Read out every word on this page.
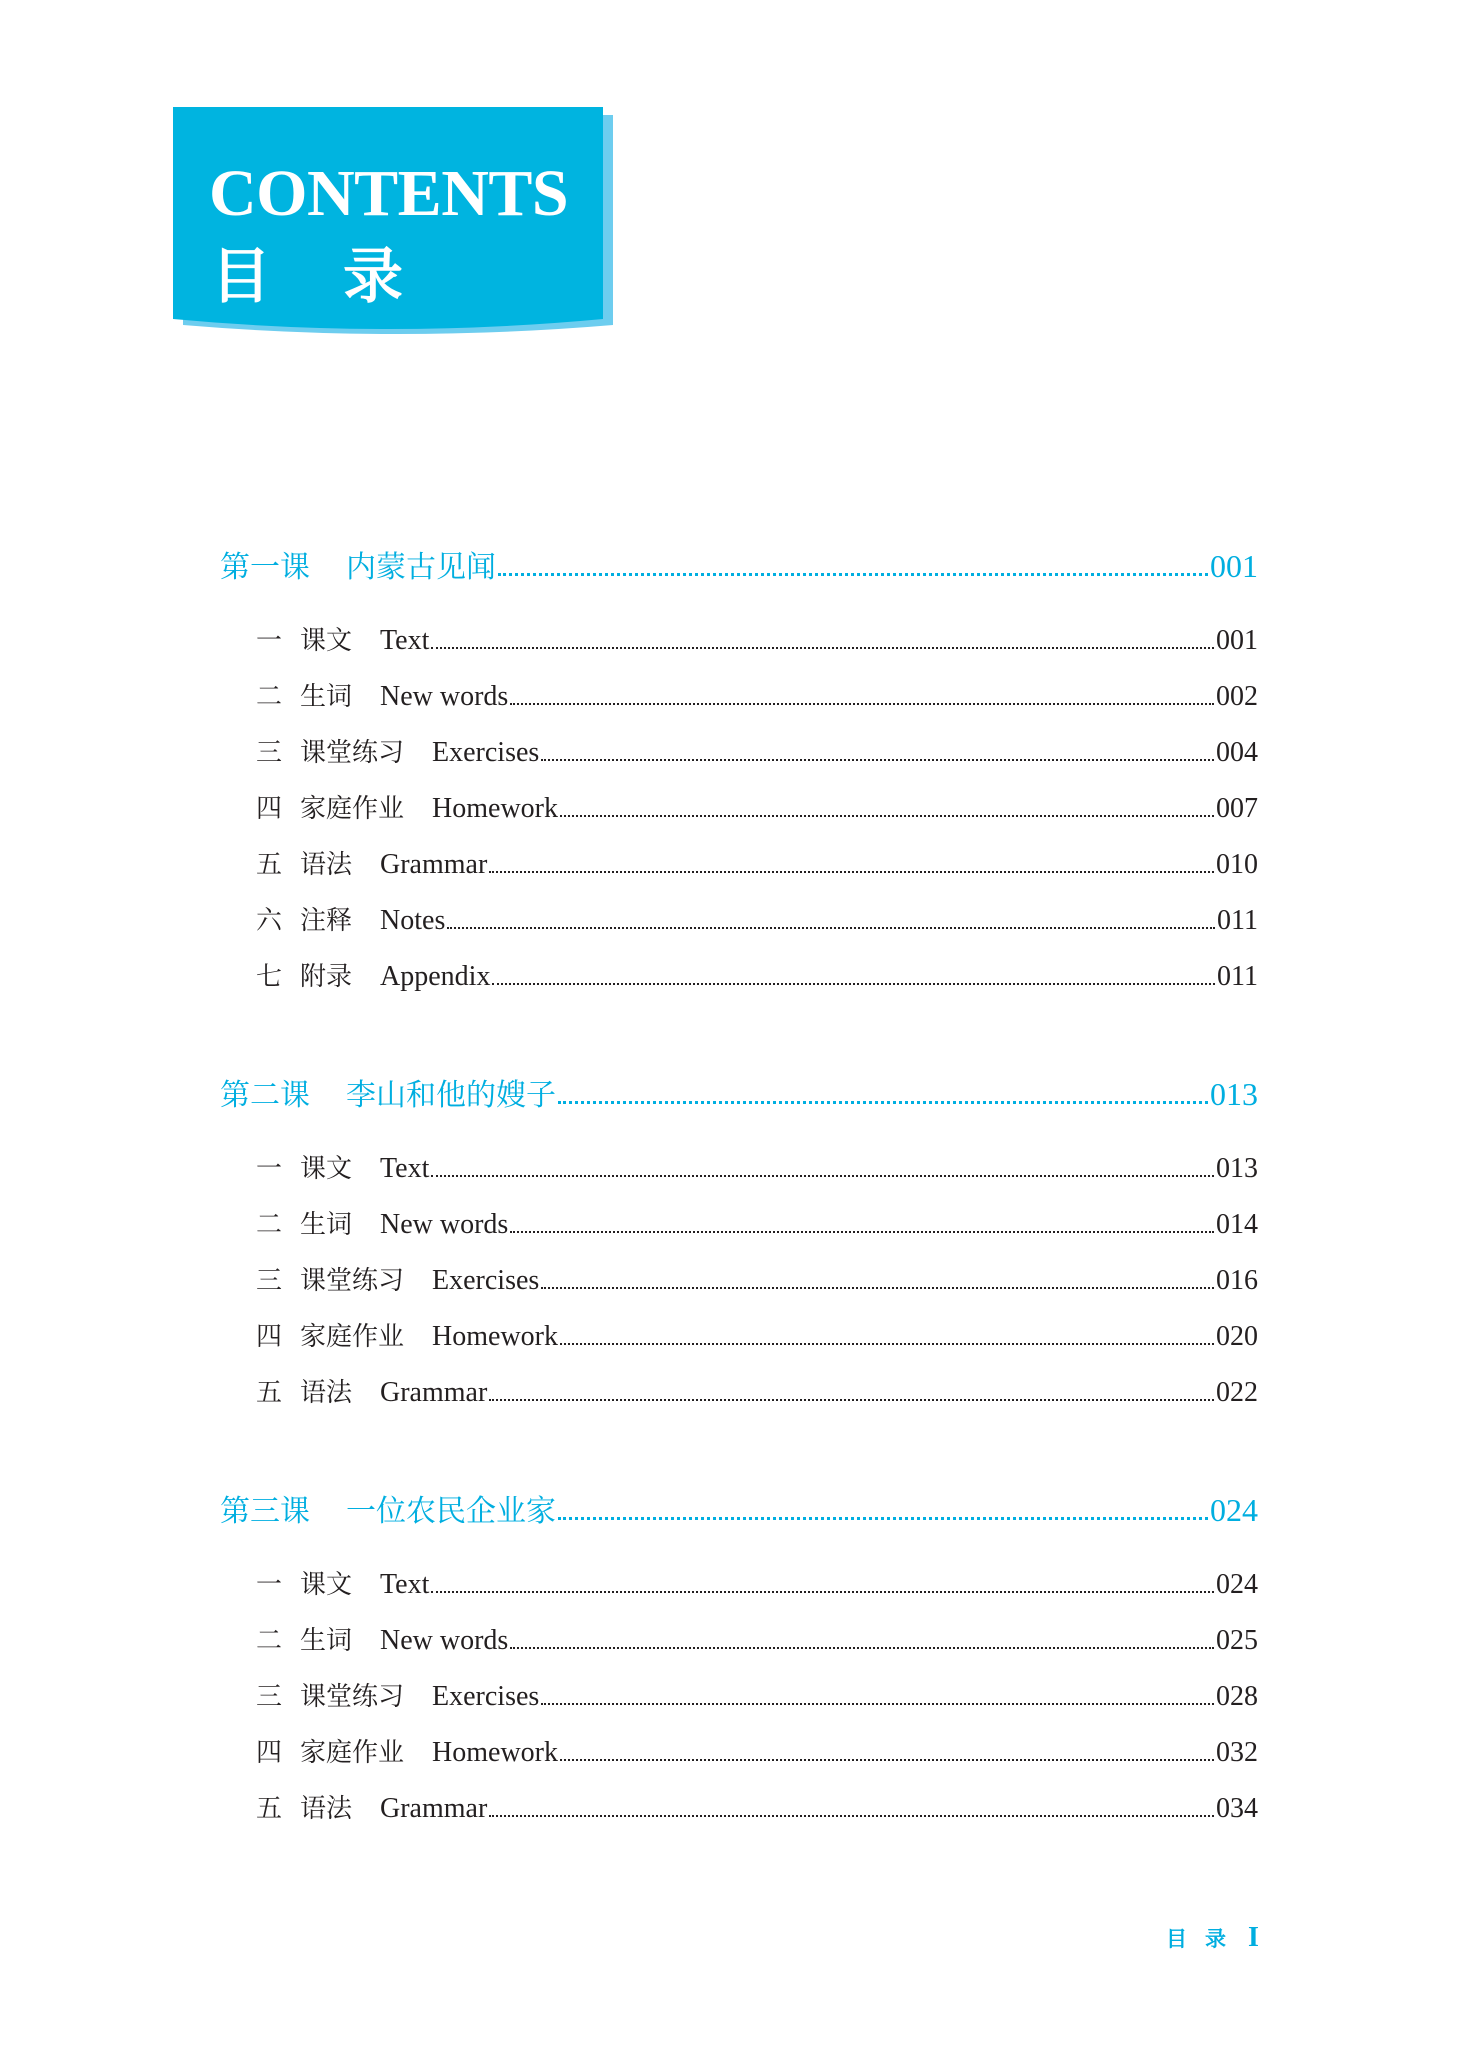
CONTENTS
目录
第一课 内蒙古见闻	001
一 课文 Text	001
二 生词 New words	002
三 课堂练习 Exercises	004
四 家庭作业 Homework	007
五 语法 Grammar	010
六 注释 Notes	011
七 附录 Appendix	011
第二课 李山和他的嫂子	013
一 课文 Text	013
二 生词 New words	014
三 课堂练习 Exercises	016
四 家庭作业 Homework	020
五 语法 Grammar	022
第三课 一位农民企业家	024
一 课文 Text	024
二 生词 New words	025
三 课堂练习 Exercises	028
四 家庭作业 Homework	032
五 语法 Grammar	034
目录 I
